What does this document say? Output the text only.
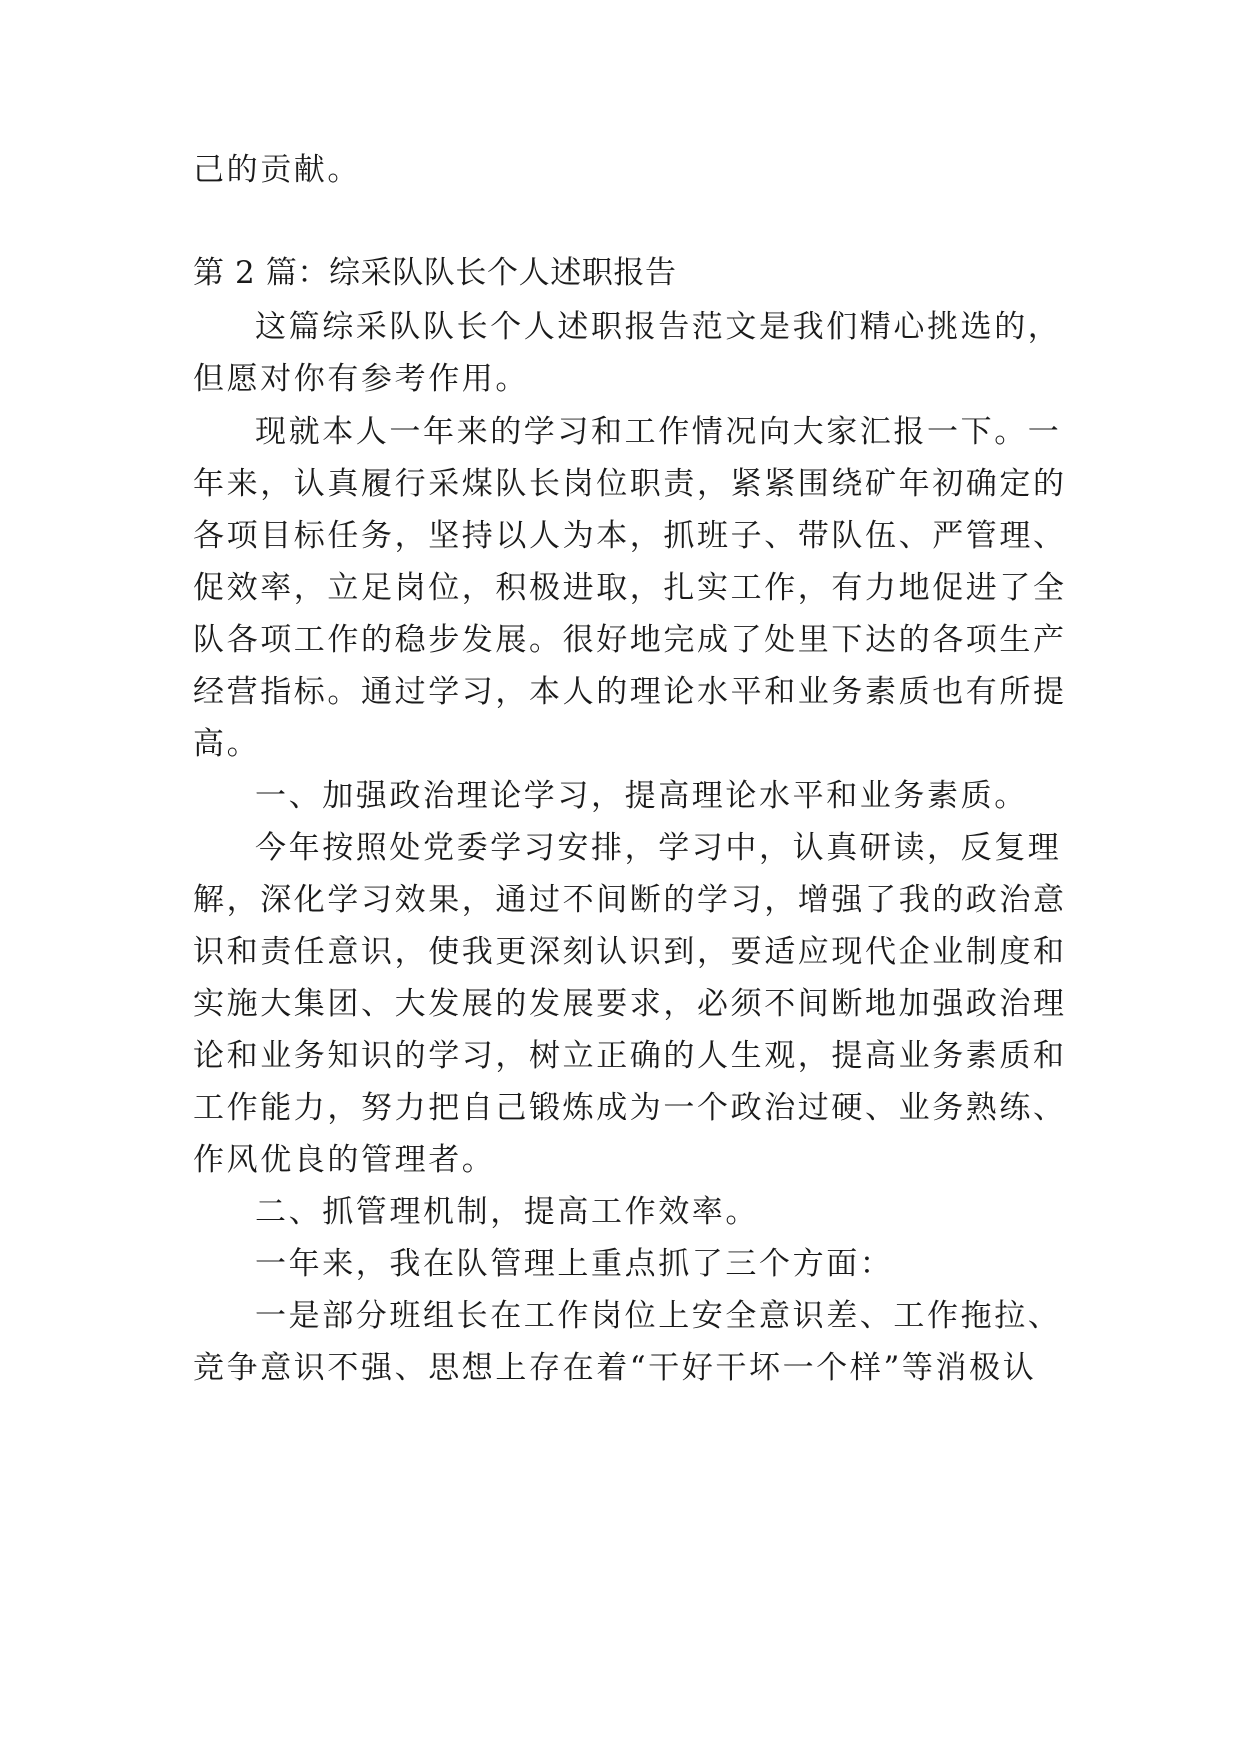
己的贡献。
第 2 篇：综采队队长个人述职报告
这篇综采队队长个人述职报告范文是我们精心挑选的，
但愿对你有参考作用。
现就本人一年来的学习和工作情况向大家汇报一下。一
年来，认真履行采煤队长岗位职责，紧紧围绕矿年初确定的
各项目标任务，坚持以人为本，抓班子、带队伍、严管理、
促效率，立足岗位，积极进取，扎实工作，有力地促进了全
队各项工作的稳步发展。很好地完成了处里下达的各项生产
经营指标。通过学习，本人的理论水平和业务素质也有所提
高。
一、加强政治理论学习，提高理论水平和业务素质。
今年按照处党委学习安排，学习中，认真研读，反复理
解，深化学习效果，通过不间断的学习，增强了我的政治意
识和责任意识，使我更深刻认识到，要适应现代企业制度和
实施大集团、大发展的发展要求，必须不间断地加强政治理
论和业务知识的学习，树立正确的人生观，提高业务素质和
工作能力，努力把自己锻炼成为一个政治过硬、业务熟练、
作风优良的管理者。
二、抓管理机制，提高工作效率。
一年来，我在队管理上重点抓了三个方面：
一是部分班组长在工作岗位上安全意识差、工作拖拉、
竞争意识不强、思想上存在着“干好干坏一个样”等消极认
